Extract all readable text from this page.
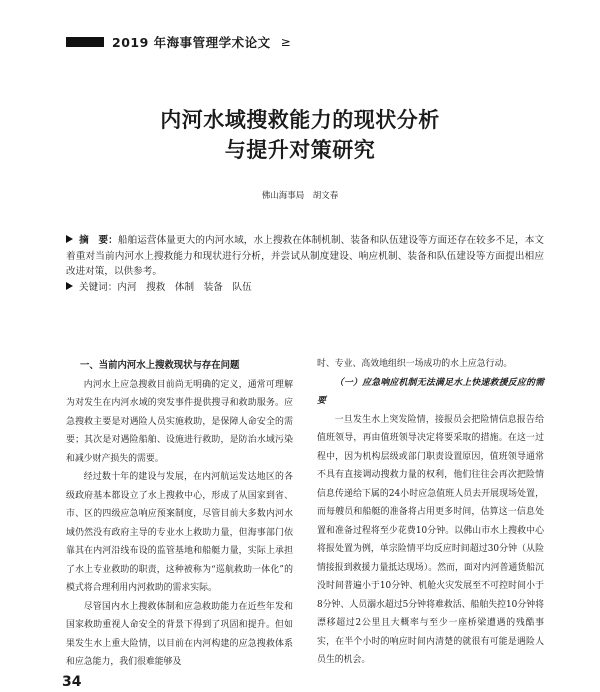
2019 年海事管理学术论文 ≥
内河水域搜救能力的现状分析
与提升对策研究
佛山海事局　胡文春

摘　要：船舶运营体量更大的内河水域，水上搜救在体制机制、装备和队伍建设等方面还存在较多不足，本文着重对当前内河水上搜救能力和现状进行分析，并尝试从制度建设、响应机制、装备和队伍建设等方面提出相应改进对策，以供参考。

关键词：内河　搜救　体制　装备　队伍

一、当前内河水上搜救现状与存在问题

内河水上应急搜救目前尚无明确的定义，通常可理解为对发生在内河水域的突发事件提供搜寻和救助服务。应急搜救主要是对遇险人员实施救助，是保障人命安全的需要；其次是对遇险船舶、设施进行救助，是防治水域污染和减少财产损失的需要。

经过数十年的建设与发展，在内河航运发达地区的各级政府基本都设立了水上搜救中心，形成了从国家到省、市、区的四级应急响应预案制度，尽管目前大多数内河水域仍然没有政府主导的专业水上救助力量，但海事部门依靠其在内河沿线布设的监管基地和船艇力量，实际上承担了水上专业救助的职责，这种被称为“巡航救助一体化”的模式将合理利用内河救助的需求实际。

尽管国内水上搜救体制和应急救助能力在近些年发和国家救助重视人命安全的背景下得到了巩固和提升。但如果发生水上重大险情，以目前在内河构建的应急搜救体系和应急能力，我们很难能够及

时、专业、高效地组织一场成功的水上应急行动。

（一）应急响应机制无法满足水上快速救援反应的需要

一旦发生水上突发险情，接报员会把险情信息报告给值班领导，再由值班领导决定将要采取的措施。在这一过程中，因为机构层级或部门职责设置原因，值班领导通常不具有直接调动搜救力量的权利，他们往往会再次把险情信息传递给下属的24小时应急值班人员去开展现场处置，而每艘员和船艇的准备将占用更多时间，估算这一信息处置和准备过程将至少花费10分钟。以佛山市水上搜救中心将报处置为例，单宗险情平均反应时间超过30分钟（从险情接报到救援力量抵达现场）。然而，面对内河普通货船沉没时间普遍小于10分钟、机舱火灾发展至不可控时间小于8分钟、人员溺水超过5分钟将难救活、船舶失控10分钟将漂移超过2公里且大概率与至少一座桥梁遭遇的残酷事实，在半个小时的响应时间内清楚的就很有可能是遇险人员生的机会。

34
